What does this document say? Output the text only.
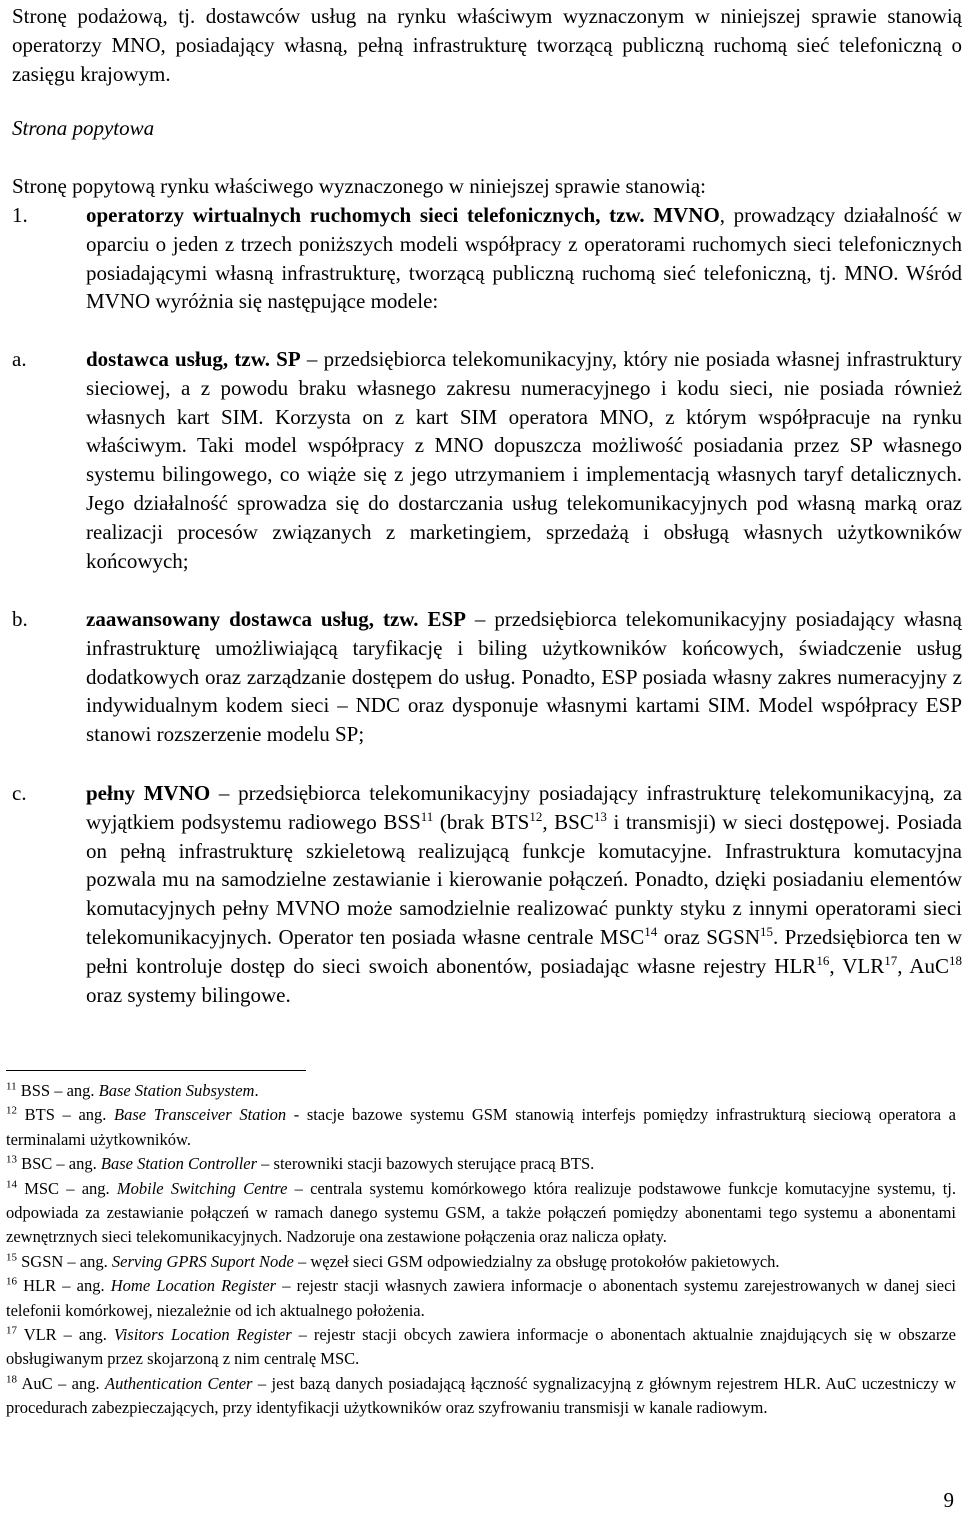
Stronę podażową, tj. dostawców usług na rynku właściwym wyznaczonym w niniejszej sprawie stanowią operatorzy MNO, posiadający własną, pełną infrastrukturę tworzącą publiczną ruchomą sieć telefoniczną o zasięgu krajowym.

Strona popytowa

Stronę popytową rynku właściwego wyznaczonego w niniejszej sprawie stanowią:

1.	operatorzy wirtualnych ruchomych sieci telefonicznych, tzw. MVNO, prowadzący działalność w oparciu o jeden z trzech poniższych modeli współpracy z operatorami ruchomych sieci telefonicznych posiadającymi własną infrastrukturę, tworzącą publiczną ruchomą sieć telefoniczną, tj. MNO. Wśród MVNO wyróżnia się następujące modele:

a.	dostawca usług, tzw. SP – przedsiębiorca telekomunikacyjny, który nie posiada własnej infrastruktury sieciowej, a z powodu braku własnego zakresu numeracyjnego i kodu sieci, nie posiada również własnych kart SIM. Korzysta on z kart SIM operatora MNO, z którym współpracuje na rynku właściwym. Taki model współpracy z MNO dopuszcza możliwość posiadania przez SP własnego systemu bilingowego, co wiąże się z jego utrzymaniem i implementacją własnych taryf detalicznych. Jego działalność sprowadza się do dostarczania usług telekomunikacyjnych pod własną marką oraz realizacji procesów związanych z marketingiem, sprzedażą i obsługą własnych użytkowników końcowych;

b.	zaawansowany dostawca usług, tzw. ESP – przedsiębiorca telekomunikacyjny posiadający własną infrastrukturę umożliwiającą taryfikację i biling użytkowników końcowych, świadczenie usług dodatkowych oraz zarządzanie dostępem do usług. Ponadto, ESP posiada własny zakres numeracyjny z indywidualnym kodem sieci – NDC oraz dysponuje własnymi kartami SIM. Model współpracy ESP stanowi rozszerzenie modelu SP;

c.	pełny MVNO – przedsiębiorca telekomunikacyjny posiadający infrastrukturę telekomunikacyjną, za wyjątkiem podsystemu radiowego BSS$^{11}$ (brak BTS$^{12}$, BSC$^{13}$ i transmisji) w sieci dostępowej. Posiada on pełną infrastrukturę szkieletową realizującą funkcje komutacyjne. Infrastruktura komutacyjna pozwala mu na samodzielne zestawianie i kierowanie połączeń. Ponadto, dzięki posiadaniu elementów komutacyjnych pełny MVNO może samodzielnie realizować punkty styku z innymi operatorami sieci telekomunikacyjnych. Operator ten posiada własne centrale MSC$^{14}$ oraz SGSN$^{15}$. Przedsiębiorca ten w pełni kontroluje dostęp do sieci swoich abonentów, posiadając własne rejestry HLR$^{16}$, VLR$^{17}$, AuC$^{18}$ oraz systemy bilingowe.

$^{11}$ BSS – ang. Base Station Subsystem.

$^{12}$ BTS – ang. Base Transceiver Station - stacje bazowe systemu GSM stanowią interfejs pomiędzy infrastrukturą sieciową operatora a terminalami użytkowników.

$^{13}$ BSC – ang. Base Station Controller – sterowniki stacji bazowych sterujące pracą BTS.

$^{14}$ MSC – ang. Mobile Switching Centre – centrala systemu komórkowego która realizuje podstawowe funkcje komutacyjne systemu, tj. odpowiada za zestawianie połączeń w ramach danego systemu GSM, a także połączeń pomiędzy abonentami tego systemu a abonentami zewnętrznych sieci telekomunikacyjnych. Nadzoruje ona zestawione połączenia oraz nalicza opłaty.

$^{15}$ SGSN – ang. Serving GPRS Suport Node – węzeł sieci GSM odpowiedzialny za obsługę protokołów pakietowych.

$^{16}$ HLR – ang. Home Location Register – rejestr stacji własnych zawiera informacje o abonentach systemu zarejestrowanych w danej sieci telefonii komórkowej, niezależnie od ich aktualnego położenia.

$^{17}$ VLR – ang. Visitors Location Register – rejestr stacji obcych zawiera informacje o abonentach aktualnie znajdujących się w obszarze obsługiwanym przez skojarzoną z nim centralę MSC.

$^{18}$ AuC – ang. Authentication Center – jest bazą danych posiadającą łączność sygnalizacyjną z głównym rejestrem HLR. AuC uczestniczy w procedurach zabezpieczających, przy identyfikacji użytkowników oraz szyfrowaniu transmisji w kanale radiowym.

9
